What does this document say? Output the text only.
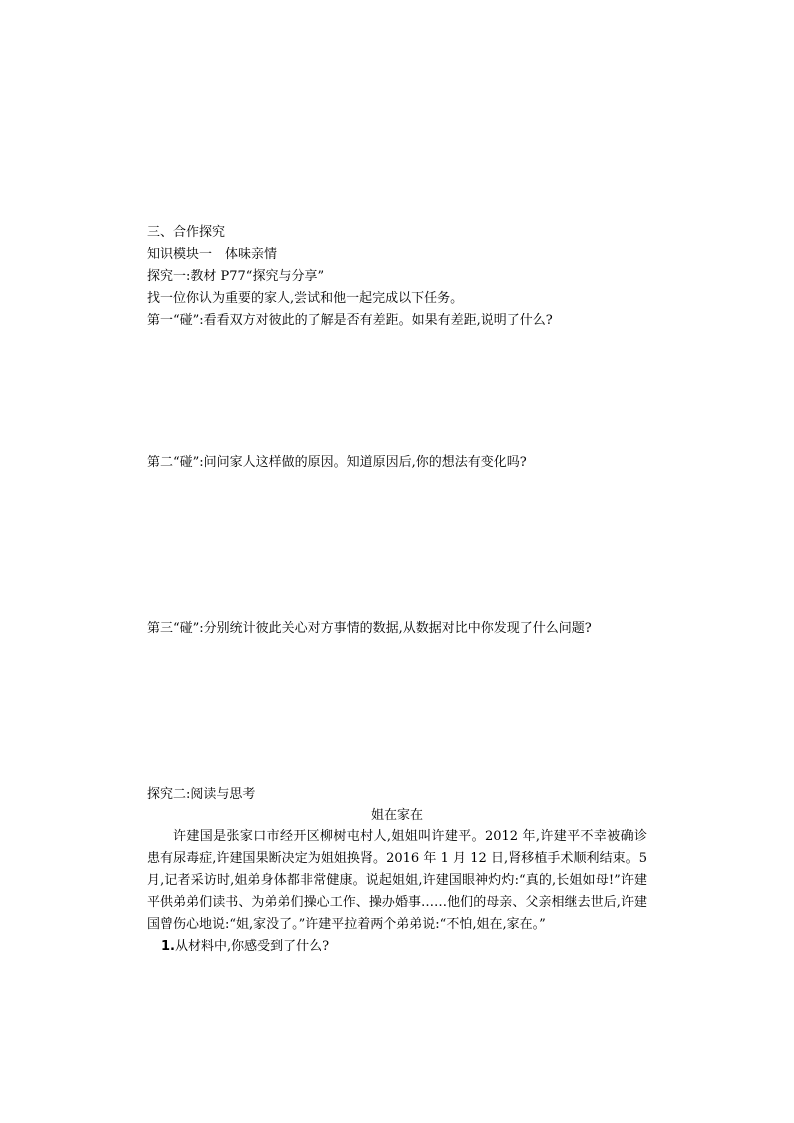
三、合作探究
知识模块一　体味亲情
探究一:教材 P77“探究与分享”
找一位你认为重要的家人,尝试和他一起完成以下任务。
第一“碰”:看看双方对彼此的了解是否有差距。如果有差距,说明了什么?
第二“碰”:问问家人这样做的原因。知道原因后,你的想法有变化吗?
第三“碰”:分别统计彼此关心对方事情的数据,从数据对比中你发现了什么问题?
探究二:阅读与思考
姐在家在

许建国是张家口市经开区柳树屯村人,姐姐叫许建平。2012 年,许建平不幸被确诊患有尿毒症,许建国果断决定为姐姐换肾。2016 年 1 月 12 日,肾移植手术顺利结束。5 月,记者采访时,姐弟身体都非常健康。说起姐姐,许建国眼神灼灼:“真的,长姐如母!”许建平供弟弟们读书、为弟弟们操心工作、操办婚事……他们的母亲、父亲相继去世后,许建国曾伤心地说:“姐,家没了。”许建平拉着两个弟弟说:“不怕,姐在,家在。”

1.从材料中,你感受到了什么?
